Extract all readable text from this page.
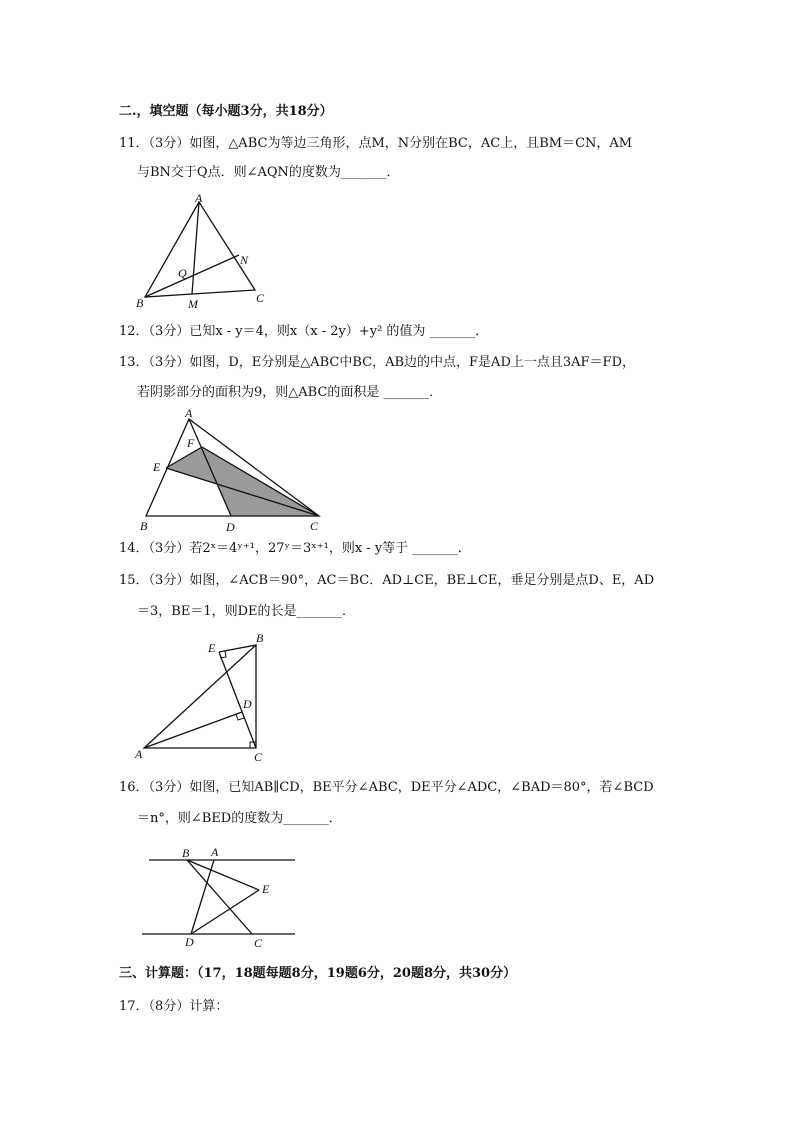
二.，填空题（每小题3分，共18分）
11．（3分）如图，△ABC为等边三角形，点M，N分别在BC，AC上，且BM＝CN，AM
与BN交于Q点．则∠AQN的度数为_______．
A
B	C
M
N
Q
12．（3分）已知x - y＝4，则x（x - 2y）+y² 的值为 _______．
13．（3分）如图，D，E分别是△ABC中BC，AB边的中点，F是AD上一点且3AF＝FD，
若阴影部分的面积为9，则△ABC的面积是 _______．
A
B	C
D
E
F
14．（3分）若2ˣ＝4ʸ⁺¹，27ʸ＝3ˣ⁺¹，则x - y等于 _______．
15．（3分）如图，∠ACB＝90°，AC＝BC．AD⊥CE，BE⊥CE，垂足分别是点D、E，AD
＝3，BE＝1，则DE的长是_______．
A
B
C
D
E
16．（3分）如图，已知AB∥CD，BE平分∠ABC，DE平分∠ADC，∠BAD＝80°，若∠BCD
＝n°，则∠BED的度数为_______．
B A
E
D	C
三、计算题：（17，18题每题8分，19题6分，20题8分，共30分）
17．（8分）计算：
